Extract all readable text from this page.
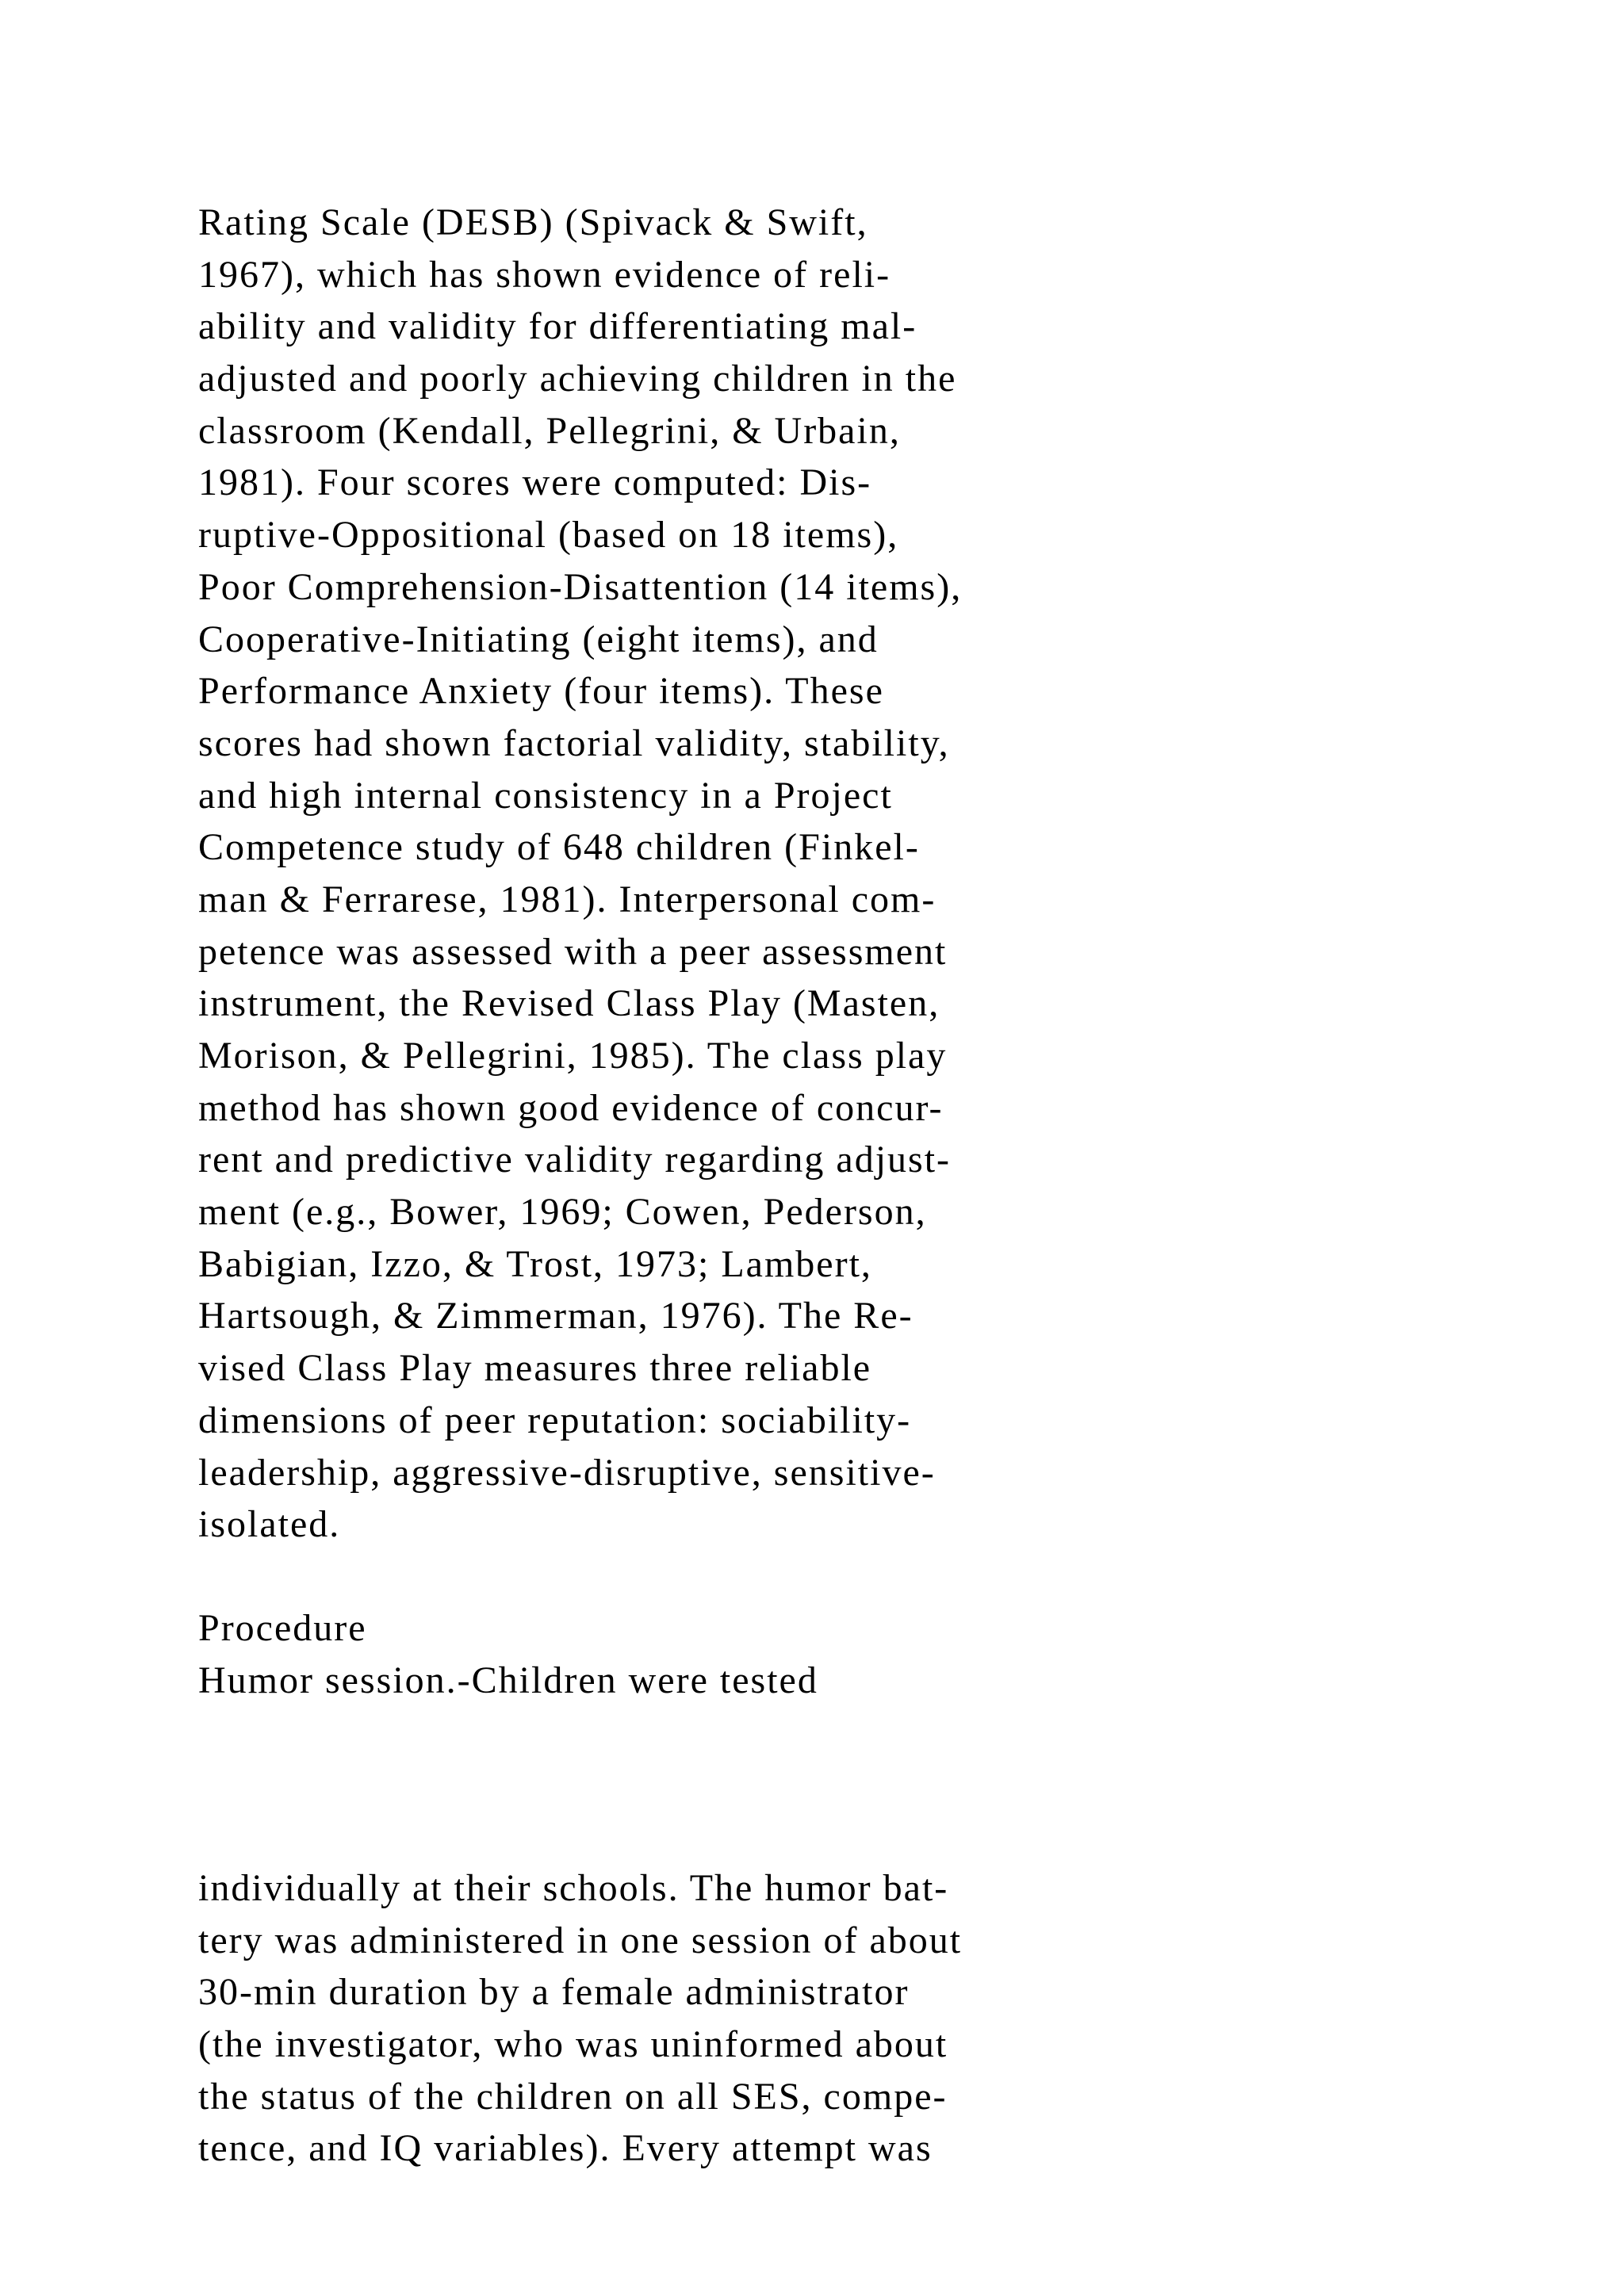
Rating Scale (DESB) (Spivack & Swift,
1967), which has shown evidence of reli-
ability and validity for differentiating mal-
adjusted and poorly achieving children in the
classroom (Kendall, Pellegrini, & Urbain,
1981). Four scores were computed: Dis-
ruptive-Oppositional (based on 18 items),
Poor Comprehension-Disattention (14 items),
Cooperative-Initiating (eight items), and
Performance Anxiety (four items). These
scores had shown factorial validity, stability,
and high internal consistency in a Project
Competence study of 648 children (Finkel-
man & Ferrarese, 1981). Interpersonal com-
petence was assessed with a peer assessment
instrument, the Revised Class Play (Masten,
Morison, & Pellegrini, 1985). The class play
method has shown good evidence of concur-
rent and predictive validity regarding adjust-
ment (e.g., Bower, 1969; Cowen, Pederson,
Babigian, Izzo, & Trost, 1973; Lambert,
Hartsough, & Zimmerman, 1976). The Re-
vised Class Play measures three reliable
dimensions of peer reputation: sociability-
leadership, aggressive-disruptive, sensitive-
isolated.
Procedure
Humor session.-Children were tested
individually at their schools. The humor bat-
tery was administered in one session of about
30-min duration by a female administrator
(the investigator, who was uninformed about
the status of the children on all SES, compe-
tence, and IQ variables). Every attempt was
